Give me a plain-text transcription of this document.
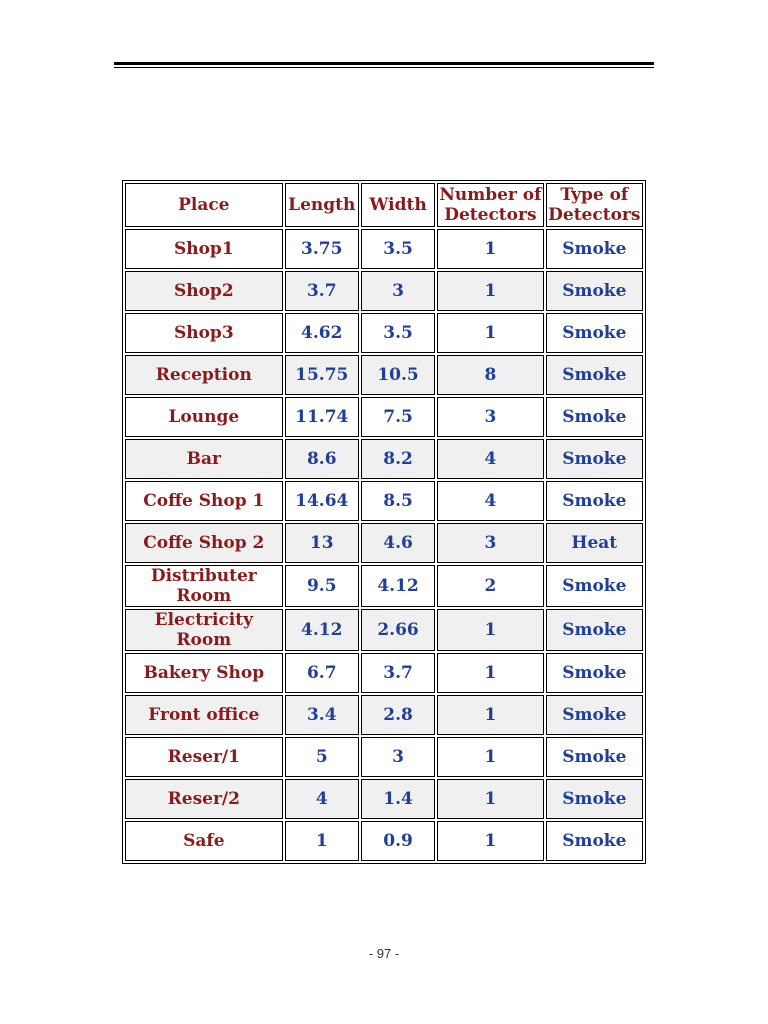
Place	Length	Width	Number of Detectors	Type of Detectors
Shop1	3.75	3.5	1	Smoke
Shop2	3.7	3	1	Smoke
Shop3	4.62	3.5	1	Smoke
Reception	15.75	10.5	8	Smoke
Lounge	11.74	7.5	3	Smoke
Bar	8.6	8.2	4	Smoke
Coffe Shop 1	14.64	8.5	4	Smoke
Coffe Shop 2	13	4.6	3	Heat
Distributer Room	9.5	4.12	2	Smoke
Electricity Room	4.12	2.66	1	Smoke
Bakery Shop	6.7	3.7	1	Smoke
Front office	3.4	2.8	1	Smoke
Reser/1	5	3	1	Smoke
Reser/2	4	1.4	1	Smoke
Safe	1	0.9	1	Smoke
- 97 -
